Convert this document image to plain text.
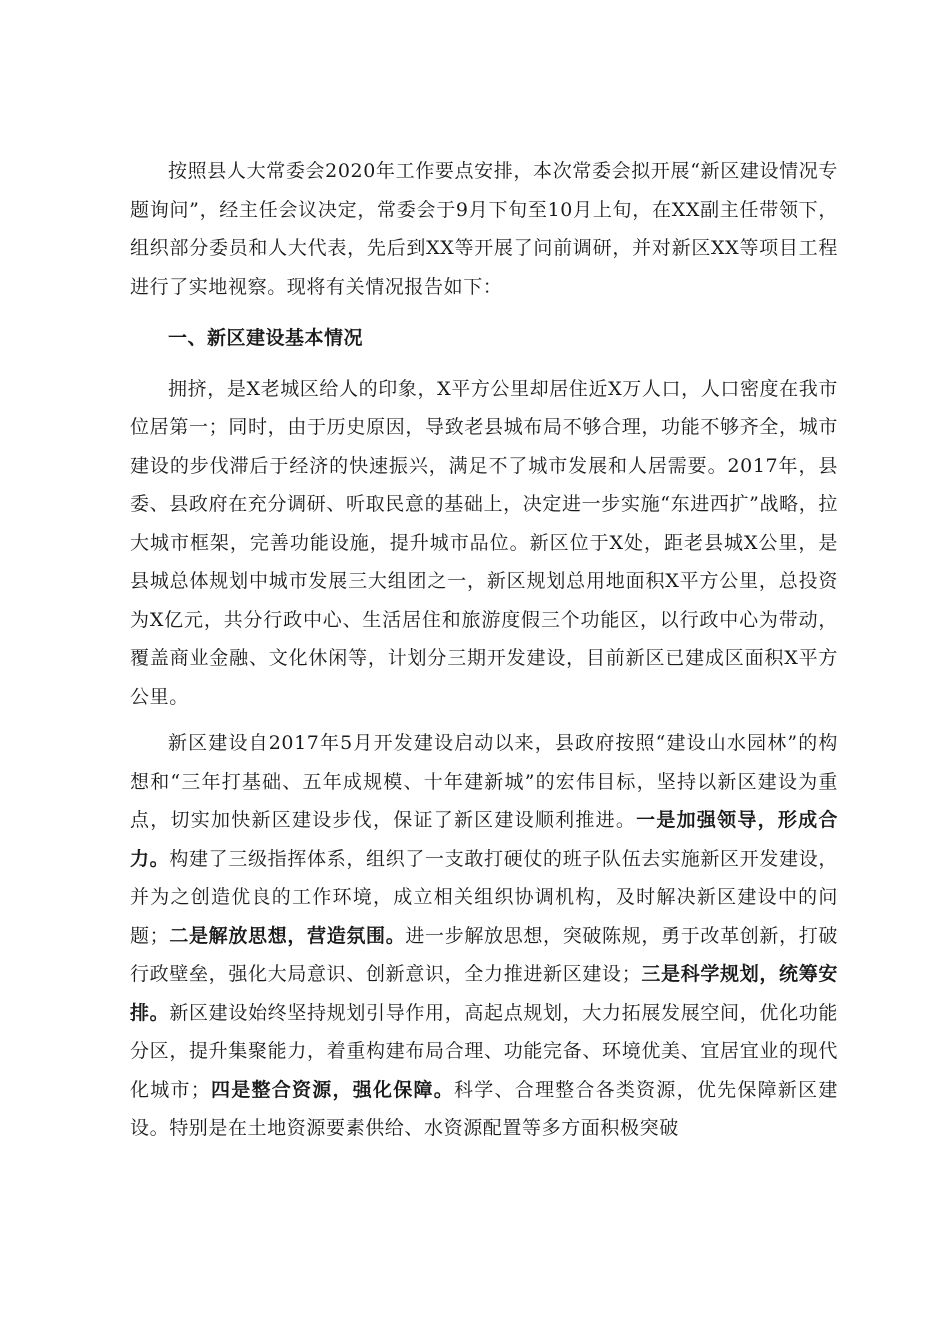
按照县人大常委会2020年工作要点安排，本次常委会拟开展“新区建设情况专题询问”，经主任会议决定，常委会于9月下旬至10月上旬，在XX副主任带领下，组织部分委员和人大代表，先后到XX等开展了问前调研，并对新区XX等项目工程进行了实地视察。现将有关情况报告如下：

一、新区建设基本情况

拥挤，是X老城区给人的印象，X平方公里却居住近X万人口，人口密度在我市位居第一；同时，由于历史原因，导致老县城布局不够合理，功能不够齐全，城市建设的步伐滞后于经济的快速振兴，满足不了城市发展和人居需要。2017年，县委、县政府在充分调研、听取民意的基础上，决定进一步实施“东进西扩”战略，拉大城市框架，完善功能设施，提升城市品位。新区位于X处，距老县城X公里，是县城总体规划中城市发展三大组团之一，新区规划总用地面积X平方公里，总投资为X亿元，共分行政中心、生活居住和旅游度假三个功能区，以行政中心为带动，覆盖商业金融、文化休闲等，计划分三期开发建设，目前新区已建成区面积X平方公里。

新区建设自2017年5月开发建设启动以来，县政府按照“建设山水园林”的构想和“三年打基础、五年成规模、十年建新城”的宏伟目标，坚持以新区建设为重点，切实加快新区建设步伐，保证了新区建设顺利推进。一是加强领导，形成合力。构建了三级指挥体系，组织了一支敢打硬仗的班子队伍去实施新区开发建设，并为之创造优良的工作环境，成立相关组织协调机构，及时解决新区建设中的问题；二是解放思想，营造氛围。进一步解放思想，突破陈规，勇于改革创新，打破行政壁垒，强化大局意识、创新意识，全力推进新区建设；三是科学规划，统筹安排。新区建设始终坚持规划引导作用，高起点规划，大力拓展发展空间，优化功能分区，提升集聚能力，着重构建布局合理、功能完备、环境优美、宜居宜业的现代化城市；四是整合资源，强化保障。科学、合理整合各类资源，优先保障新区建设。特别是在土地资源要素供给、水资源配置等多方面积极突破
